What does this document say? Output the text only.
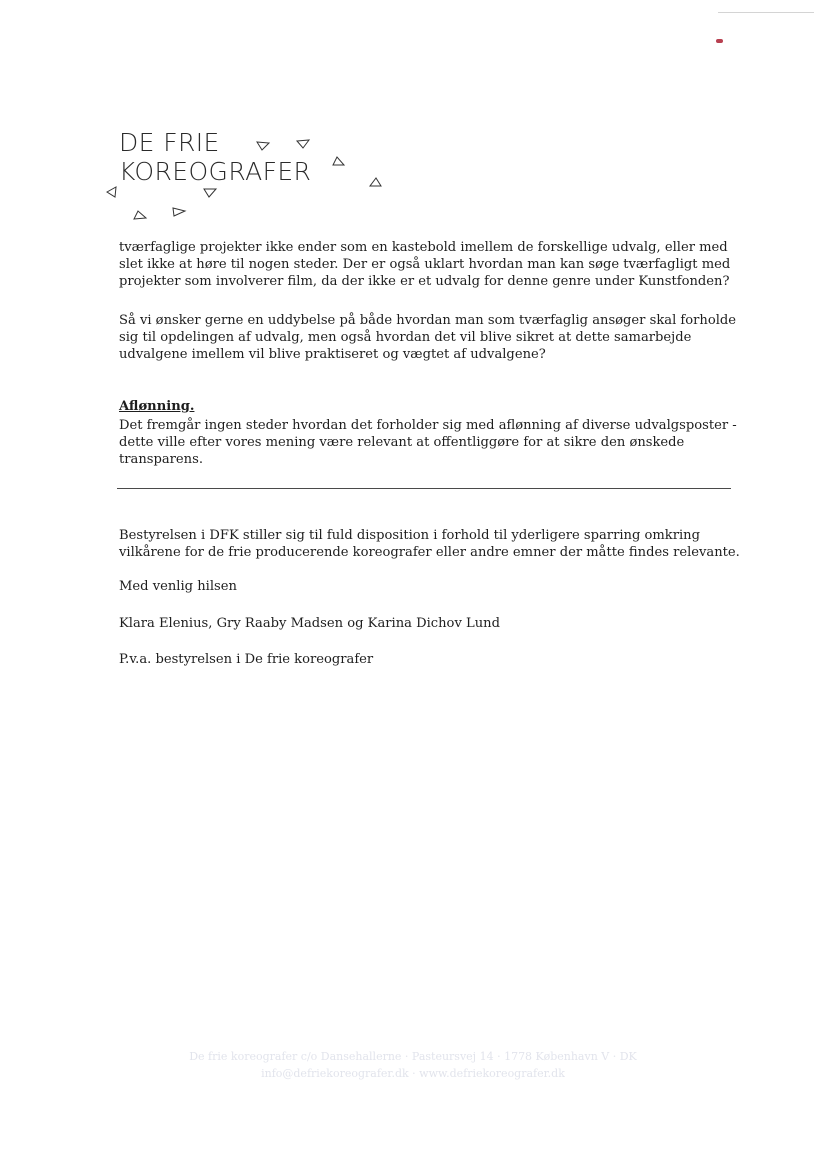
DE FRIE
KOREOGRAFER
tværfaglige projekter ikke ender som en kastebold imellem de forskellige udvalg, eller med
slet ikke at høre til nogen steder. Der er også uklart hvordan man kan søge tværfagligt med
projekter som involverer film, da der ikke er et udvalg for denne genre under Kunstfonden?
Så vi ønsker gerne en uddybelse på både hvordan man som tværfaglig ansøger skal forholde
sig til opdelingen af udvalg, men også hvordan det vil blive sikret at dette samarbejde
udvalgene imellem vil blive praktiseret og vægtet af udvalgene?
Aflønning.
Det fremgår ingen steder hvordan det forholder sig med aflønning af diverse udvalgsposter -
dette ville efter vores mening være relevant at offentliggøre for at sikre den ønskede
transparens.
Bestyrelsen i DFK stiller sig til fuld disposition i forhold til yderligere sparring omkring
vilkårene for de frie producerende koreografer eller andre emner der måtte findes relevante.
Med venlig hilsen
Klara Elenius, Gry Raaby Madsen og Karina Dichov Lund
P.v.a. bestyrelsen i De frie koreografer
De frie koreografer c/o Dansehallerne · Pasteursvej 14 · 1778 København V · DK
info@defriekoreografer.dk · www.defriekoreografer.dk
